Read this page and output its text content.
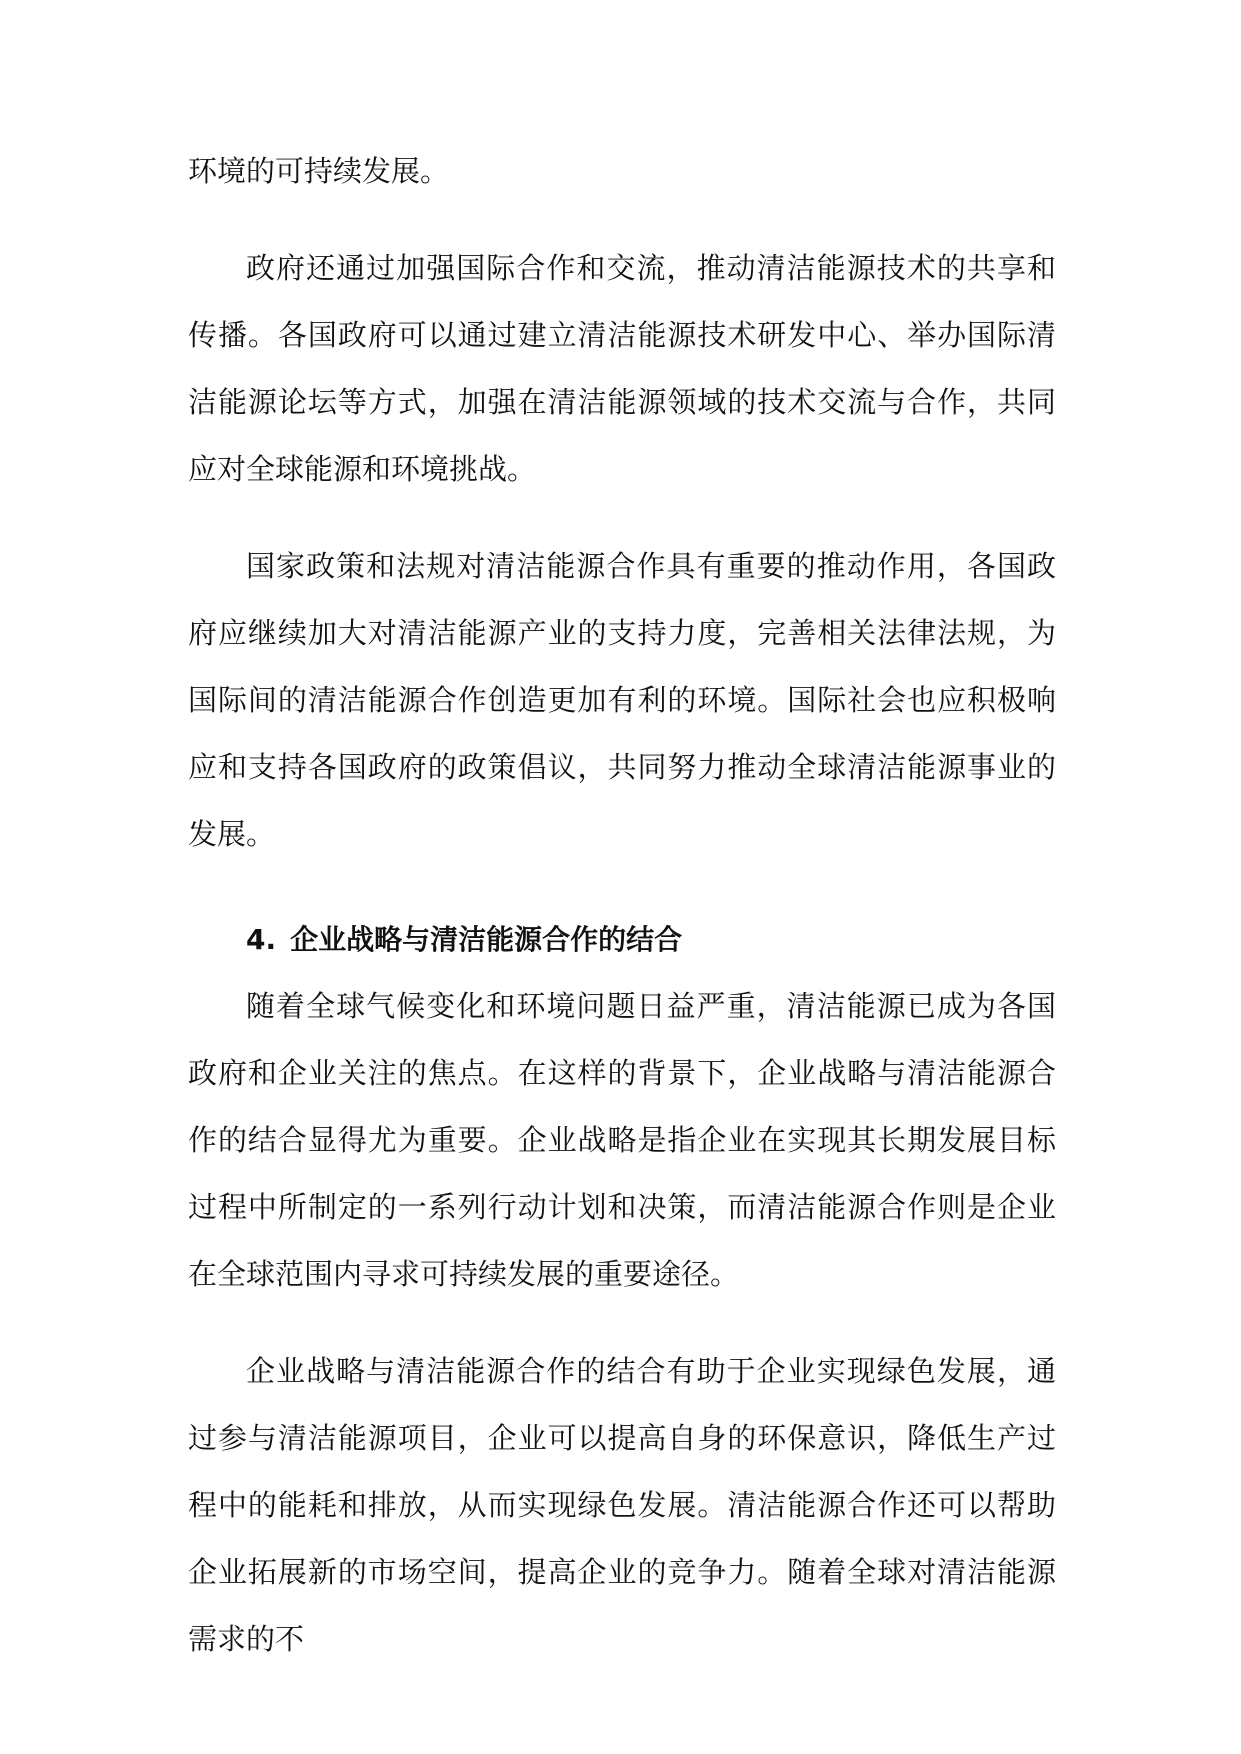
环境的可持续发展。

政府还通过加强国际合作和交流，推动清洁能源技术的共享和传播。各国政府可以通过建立清洁能源技术研发中心、举办国际清洁能源论坛等方式，加强在清洁能源领域的技术交流与合作，共同应对全球能源和环境挑战。

国家政策和法规对清洁能源合作具有重要的推动作用，各国政府应继续加大对清洁能源产业的支持力度，完善相关法律法规，为国际间的清洁能源合作创造更加有利的环境。国际社会也应积极响应和支持各国政府的政策倡议，共同努力推动全球清洁能源事业的发展。

4. 企业战略与清洁能源合作的结合

随着全球气候变化和环境问题日益严重，清洁能源已成为各国政府和企业关注的焦点。在这样的背景下，企业战略与清洁能源合作的结合显得尤为重要。企业战略是指企业在实现其长期发展目标过程中所制定的一系列行动计划和决策，而清洁能源合作则是企业在全球范围内寻求可持续发展的重要途径。

企业战略与清洁能源合作的结合有助于企业实现绿色发展，通过参与清洁能源项目，企业可以提高自身的环保意识，降低生产过程中的能耗和排放，从而实现绿色发展。清洁能源合作还可以帮助企业拓展新的市场空间，提高企业的竞争力。随着全球对清洁能源需求的不
